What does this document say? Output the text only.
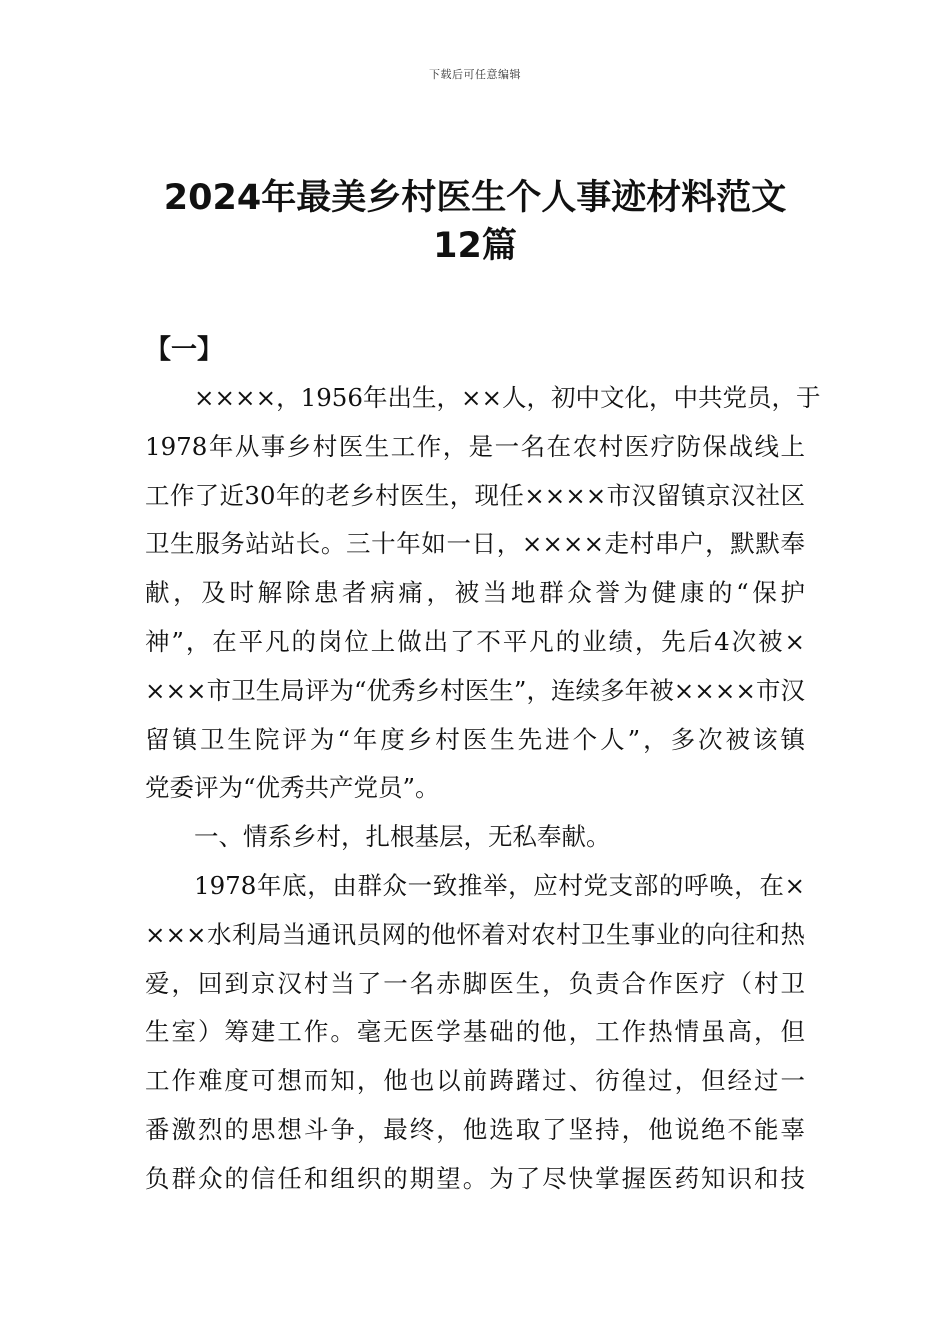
下载后可任意编辑
2024年最美乡村医生个人事迹材料范文
12篇
【一】
××××，1956年出生，××人，初中文化，中共党员，于
1978年从事乡村医生工作，是一名在农村医疗防保战线上
工作了近30年的老乡村医生，现任××××市汉留镇京汉社区
卫生服务站站长。三十年如一日，××××走村串户，默默奉
献，及时解除患者病痛，被当地群众誉为健康的“保护
神”，在平凡的岗位上做出了不平凡的业绩，先后4次被×
×××市卫生局评为“优秀乡村医生”，连续多年被××××市汉
留镇卫生院评为“年度乡村医生先进个人”，多次被该镇
党委评为“优秀共产党员”。
一、情系乡村，扎根基层，无私奉献。
1978年底，由群众一致推举，应村党支部的呼唤，在×
×××水利局当通讯员网的他怀着对农村卫生事业的向往和热
爱，回到京汉村当了一名赤脚医生，负责合作医疗（村卫
生室）筹建工作。毫无医学基础的他，工作热情虽高，但
工作难度可想而知，他也以前踌躇过、彷徨过，但经过一
番激烈的思想斗争，最终，他选取了坚持，他说绝不能辜
负群众的信任和组织的期望。为了尽快掌握医药知识和技
